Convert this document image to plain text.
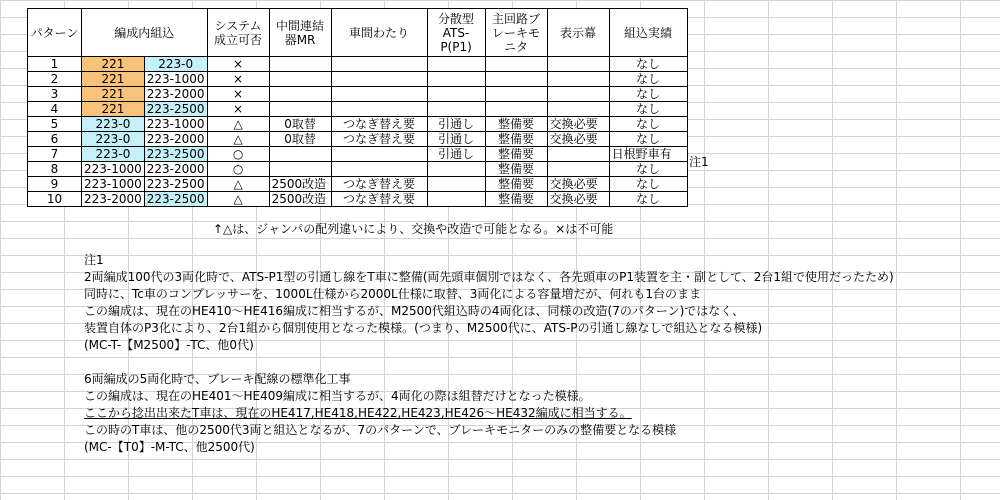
パターン	編成内組込		システム成立可否	中間連結器MR	車間わたり	分散型ATS-P(P1)	主回路ブレーキモニタ	表示幕	組込実績
1	221	223-0	×						なし
2	221	223-1000	×						なし
3	221	223-2000	×						なし
4	221	223-2500	×						なし
5	223-0	223-1000	△	0取替	つなぎ替え要	引通し	整備要	交換必要	なし
6	223-0	223-2000	△	0取替	つなぎ替え要	引通し	整備要	交換必要	なし
7	223-0	223-2500	○			引通し	整備要		日根野車有
8	223-1000	223-2000	○				整備要		なし
9	223-1000	223-2500	△	2500改造	つなぎ替え要		整備要	交換必要	なし
10	223-2000	223-2500	△	2500改造	つなぎ替え要		整備要	交換必要	なし
注1
↑△は、ジャンパの配列違いにより、交換や改造で可能となる。×は不可能
注1
2両編成100代の3両化時で、ATS-P1型の引通し線をT車に整備(両先頭車個別ではなく、各先頭車のP1装置を主・副として、2台1組で使用だったため)
同時に、Tc車のコンプレッサーを、1000L仕様から2000L仕様に取替、3両化による容量増だが、何れも1台のまま
この編成は、現在のHE410～HE416編成に相当するが、M2500代組込時の4両化は、同様の改造(7のパターン)ではなく、
装置自体のP3化により、2台1組から個別使用となった模様。(つまり、M2500代に、ATS-Pの引通し線なしで組込となる模様)
(MC-T-【M2500】-TC、他0代)
6両編成の5両化時で、ブレーキ配線の標準化工事
この編成は、現在のHE401～HE409編成に相当するが、4両化の際は組替だけとなった模様。
ここから捻出出来たT車は、現在のHE417,HE418,HE422,HE423,HE426～HE432編成に相当する。
この時のT車は、他の2500代3両と組込となるが、7のパターンで、ブレーキモニターのみの整備要となる模様
(MC-【T0】-M-TC、他2500代)
